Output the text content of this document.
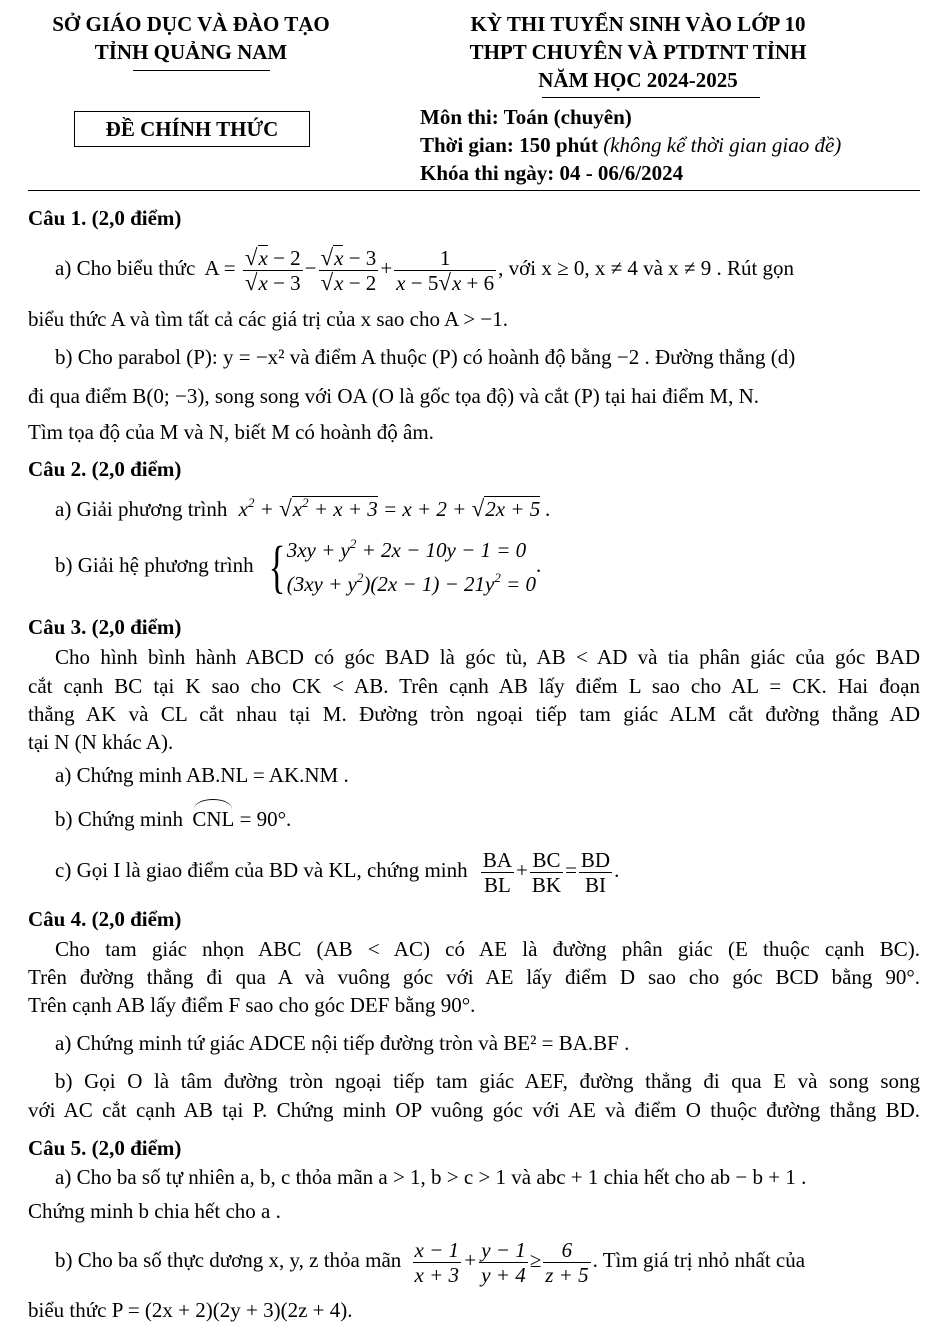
SỞ GIÁO DỤC VÀ ĐÀO TẠO
TỈNH QUẢNG NAM
ĐỀ CHÍNH THỨC
KỲ THI TUYỂN SINH VÀO LỚP 10
THPT CHUYÊN VÀ PTDTNT TỈNH
NĂM HỌC 2024-2025
Môn thi: Toán (chuyên)
Thời gian: 150 phút (không kể thời gian giao đề)
Khóa thi ngày: 04 - 06/6/2024
Câu 1. (2,0 điểm)
a) Cho biểu thức $A = \frac{√x - 2}{√x - 3} - \frac{√x - 3}{√x - 2} + \frac{1}{x - 5√x + 6}$ , với x ≥ 0, x ≠ 4 và x ≠ 9 . Rút gọn
biểu thức A và tìm tất cả các giá trị của x sao cho A > −1.
b) Cho parabol (P): y = −x² và điểm A thuộc (P) có hoành độ bằng −2 . Đường thẳng (d)
đi qua điểm B(0; −3), song song với OA (O là gốc tọa độ) và cắt (P) tại hai điểm M, N.
Tìm tọa độ của M và N, biết M có hoành độ âm.
Câu 2. (2,0 điểm)
a) Giải phương trình $x^2 + √x^2 + x + 3 = x + 2 + √2x + 5$ .
b) Giải hệ phương trình { $3xy + y^2 + 2x - 10y - 1 = 0$
$(3xy + y^2)(2x - 1) - 21y^2 = 0$
.
Câu 3. (2,0 điểm)
Cho hình bình hành ABCD có góc BAD là góc tù, AB < AD và tia phân giác của góc BAD
cắt cạnh BC tại K sao cho CK < AB. Trên cạnh AB lấy điểm L sao cho AL = CK. Hai đoạn
thẳng AK và CL cắt nhau tại M. Đường tròn ngoại tiếp tam giác ALM cắt đường thẳng AD
tại N (N khác A).
a) Chứng minh AB.NL = AK.NM .
b) Chứng minh CNL = 90°.
c) Gọi I là giao điểm của BD và KL, chứng minh $\frac{BA}{BL} + \frac{BC}{BK} = \frac{BD}{BI}$ .
Câu 4. (2,0 điểm)
Cho tam giác nhọn ABC (AB < AC) có AE là đường phân giác (E thuộc cạnh BC).
Trên đường thẳng đi qua A và vuông góc với AE lấy điểm D sao cho góc BCD bằng 90°.
Trên cạnh AB lấy điểm F sao cho góc DEF bằng 90°.
a) Chứng minh tứ giác ADCE nội tiếp đường tròn và BE² = BA.BF .
b) Gọi O là tâm đường tròn ngoại tiếp tam giác AEF, đường thẳng đi qua E và song song
với AC cắt cạnh AB tại P. Chứng minh OP vuông góc với AE và điểm O thuộc đường thẳng BD.
Câu 5. (2,0 điểm)
a) Cho ba số tự nhiên a, b, c thỏa mãn a > 1, b > c > 1 và abc + 1 chia hết cho ab − b + 1 .
Chứng minh b chia hết cho a .
b) Cho ba số thực dương x, y, z thỏa mãn $\frac{x - 1}{x + 3} + \frac{y - 1}{y + 4} \ge \frac{6}{z + 5}$ . Tìm giá trị nhỏ nhất của
biểu thức P = (2x + 2)(2y + 3)(2z + 4).
